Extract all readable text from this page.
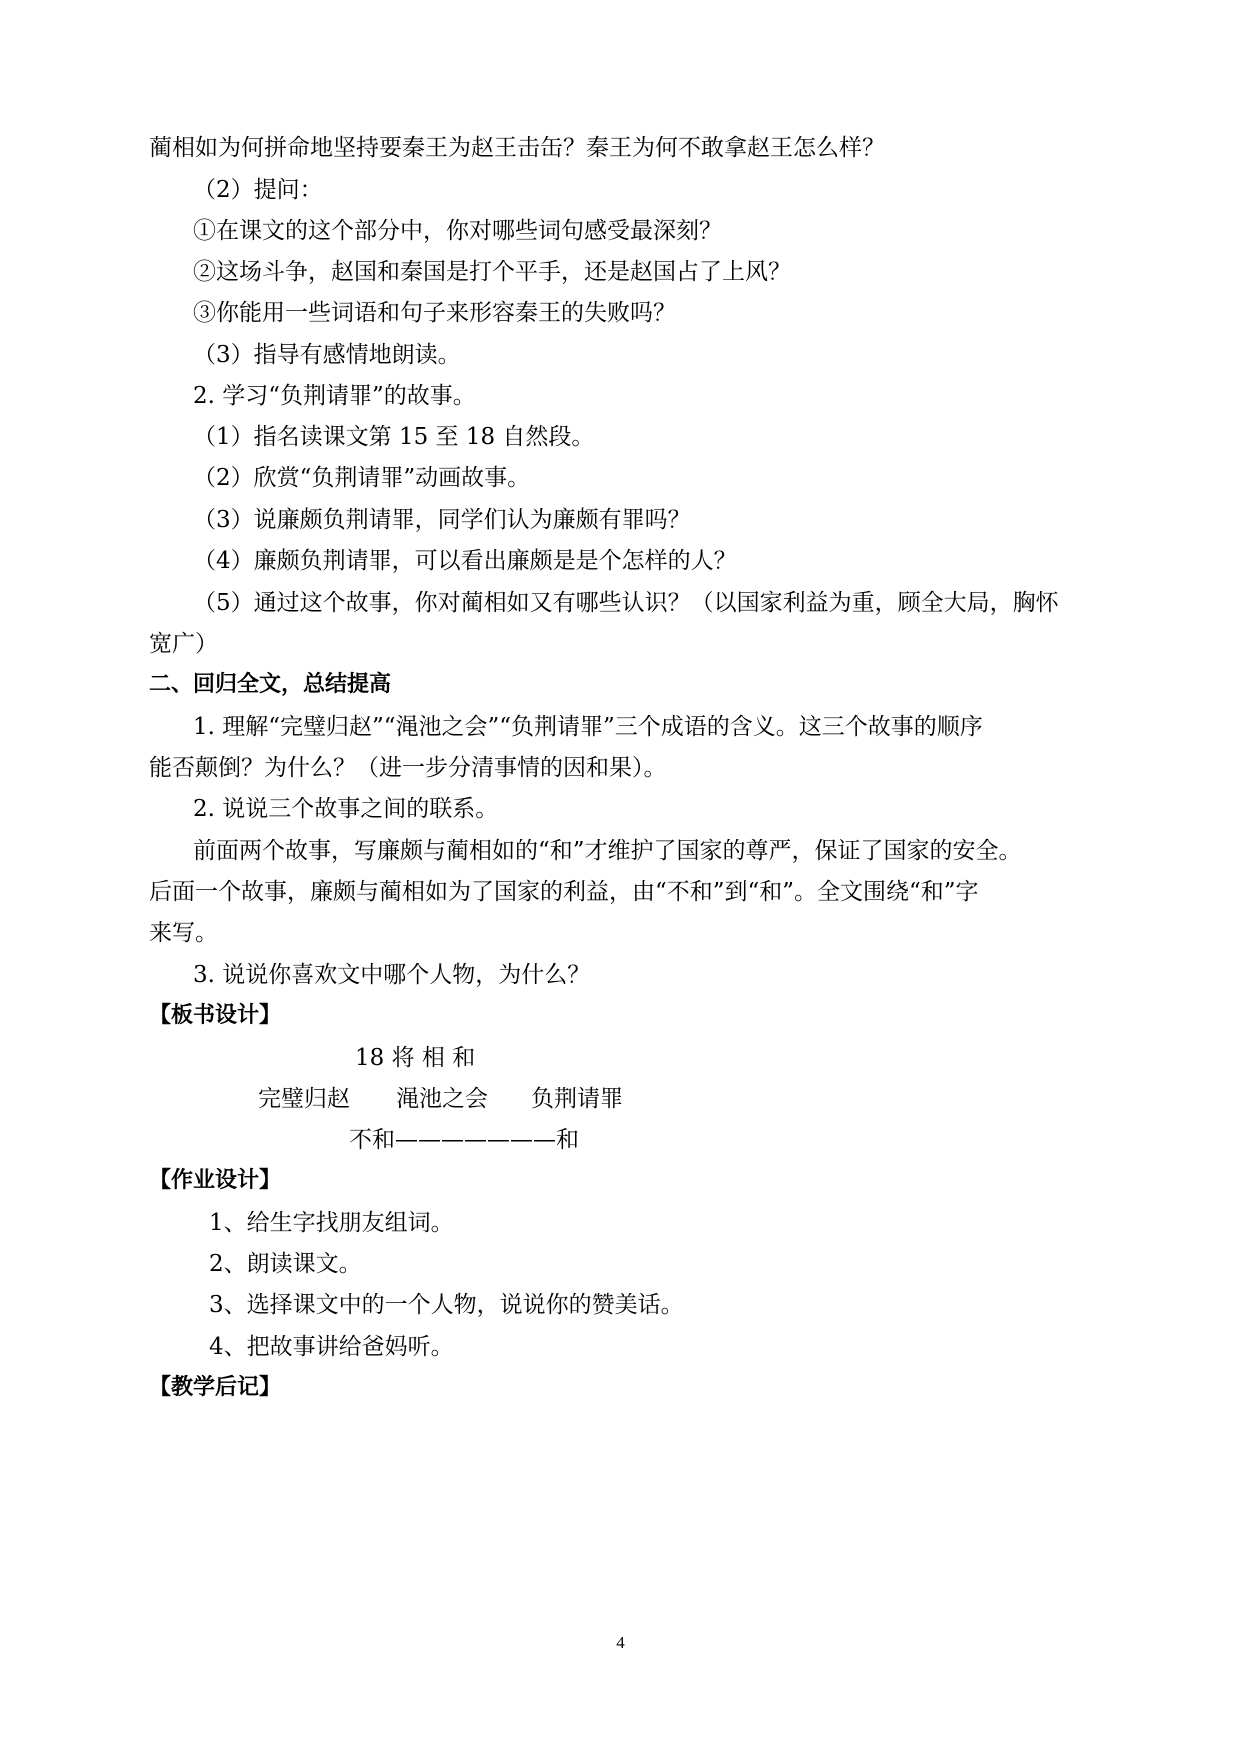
蔺相如为何拼命地坚持要秦王为赵王击缶？秦王为何不敢拿赵王怎么样？
（2）提问：
①在课文的这个部分中，你对哪些词句感受最深刻？
②这场斗争，赵国和秦国是打个平手，还是赵国占了上风？
③你能用一些词语和句子来形容秦王的失败吗？
（3）指导有感情地朗读。
2. 学习“负荆请罪”的故事。
（1）指名读课文第 15 至 18 自然段。
（2）欣赏“负荆请罪”动画故事。
（3）说廉颇负荆请罪，同学们认为廉颇有罪吗？
（4）廉颇负荆请罪，可以看出廉颇是是个怎样的人？
（5）通过这个故事，你对蔺相如又有哪些认识？（以国家利益为重，顾全大局，胸怀
宽广）
二、回归全文，总结提高
1. 理解“完璧归赵”“渑池之会”“负荆请罪”三个成语的含义。这三个故事的顺序
能否颠倒？为什么？（进一步分清事情的因和果）。
2. 说说三个故事之间的联系。
前面两个故事，写廉颇与蔺相如的“和”才维护了国家的尊严，保证了国家的安全。
后面一个故事，廉颇与蔺相如为了国家的利益，由“不和”到“和”。全文围绕“和”字
来写。
3. 说说你喜欢文中哪个人物，为什么？
【板书设计】
18 将 相 和
完璧归赵 渑池之会 负荆请罪
不和———————和
【作业设计】
1、给生字找朋友组词。
2、朗读课文。
3、选择课文中的一个人物，说说你的赞美话。
4、把故事讲给爸妈听。
【教学后记】
4
